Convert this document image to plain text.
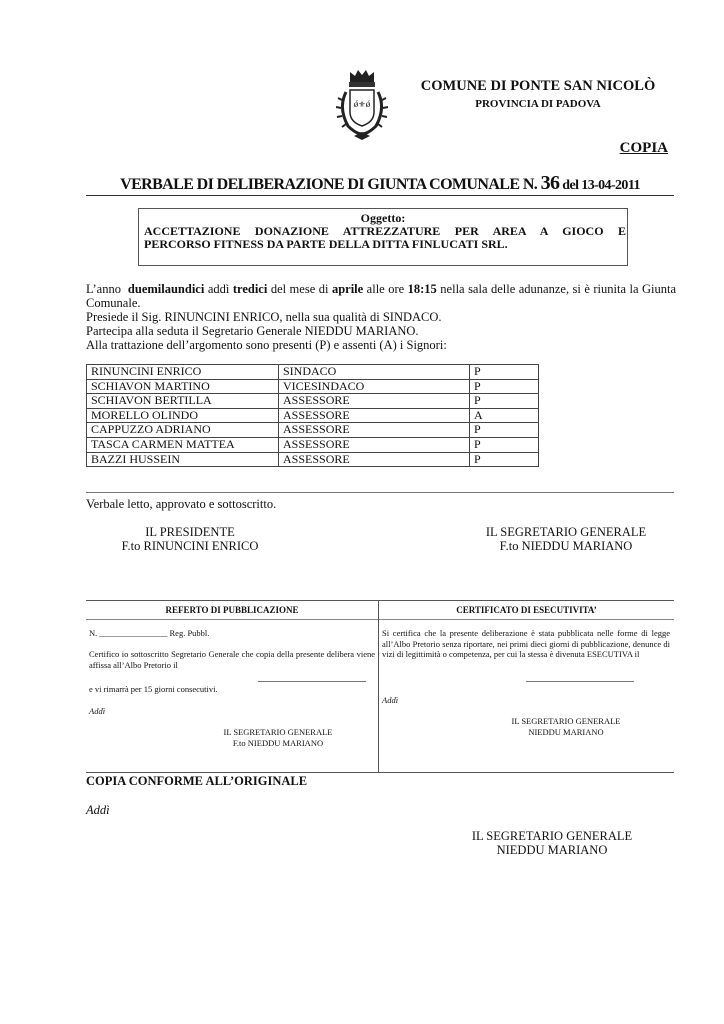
ǿ⚜ǿ
COMUNE DI PONTE SAN NICOLÒ
PROVINCIA DI PADOVA
COPIA
VERBALE DI DELIBERAZIONE DI GIUNTA COMUNALE N. 36 del 13-04-2011
Oggetto:
ACCETTAZIONE DONAZIONE ATTREZZATURE PER AREA A GIOCO E
PERCORSO FITNESS DA PARTE DELLA DITTA FINLUCATI SRL.
L’anno duemilaundici addì tredici del mese di aprile alle ore 18:15 nella sala delle adunanze, si è riunita la Giunta
Comunale.
Presiede il Sig. RINUNCINI ENRICO, nella sua qualità di SINDACO.
Partecipa alla seduta il Segretario Generale NIEDDU MARIANO.
Alla trattazione dell’argomento sono presenti (P) e assenti (A) i Signori:
RINUNCINI ENRICO	SINDACO	P
SCHIAVON MARTINO	VICESINDACO	P
SCHIAVON BERTILLA	ASSESSORE	P
MORELLO OLINDO	ASSESSORE	A
CAPPUZZO ADRIANO	ASSESSORE	P
TASCA CARMEN MATTEA	ASSESSORE	P
BAZZI HUSSEIN	ASSESSORE	P
Verbale letto, approvato e sottoscritto.
IL PRESIDENTE
F.to RINUNCINI ENRICO
IL SEGRETARIO GENERALE
F.to NIEDDU MARIANO
REFERTO DI PUBBLICAZIONE
N. ________________ Reg. Pubbl.
Certifico io sottoscritto Segretario Generale che copia della presente delibera viene affissa all’Albo Pretorio il
e vi rimarrà per 15 giorni consecutivi.
Addì
IL SEGRETARIO GENERALE
F.to NIEDDU MARIANO
CERTIFICATO DI ESECUTIVITA’
Si certifica che la presente deliberazione è stata pubblicata nelle forme di legge all’Albo Pretorio senza riportare, nei primi dieci giorni di pubblicazione, denunce di vizi di legittimità o competenza, per cui la stessa è divenuta ESECUTIVA il
Addì
IL SEGRETARIO GENERALE
NIEDDU MARIANO
COPIA CONFORME ALL’ORIGINALE
Addì
IL SEGRETARIO GENERALE
NIEDDU MARIANO
